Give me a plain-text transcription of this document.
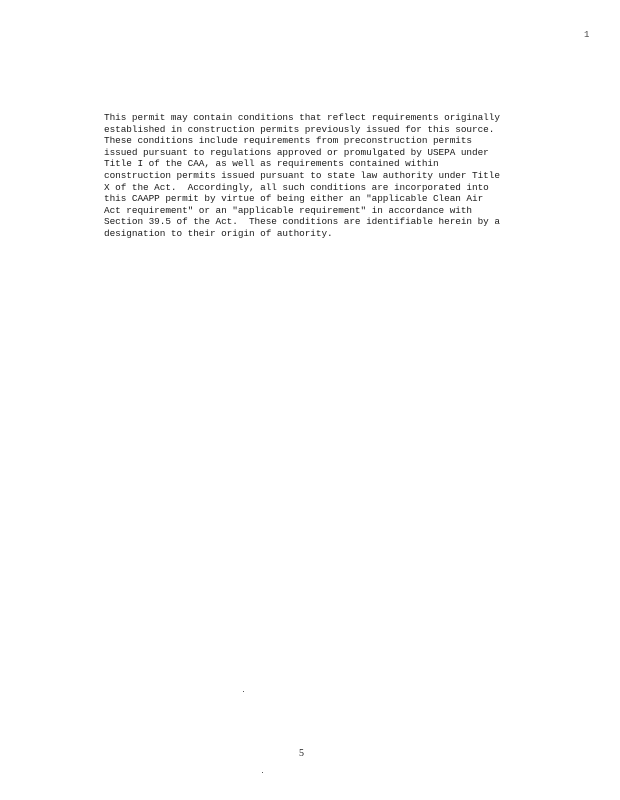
1

This permit may contain conditions that reflect requirements originally
established in construction permits previously issued for this source.
These conditions include requirements from preconstruction permits
issued pursuant to regulations approved or promulgated by USEPA under
Title I of the CAA, as well as requirements contained within
construction permits issued pursuant to state law authority under Title
X of the Act.  Accordingly, all such conditions are incorporated into
this CAAPP permit by virtue of being either an "applicable Clean Air
Act requirement" or an "applicable requirement" in accordance with
Section 39.5 of the Act.  These conditions are identifiable herein by a
designation to their origin of authority.

5
